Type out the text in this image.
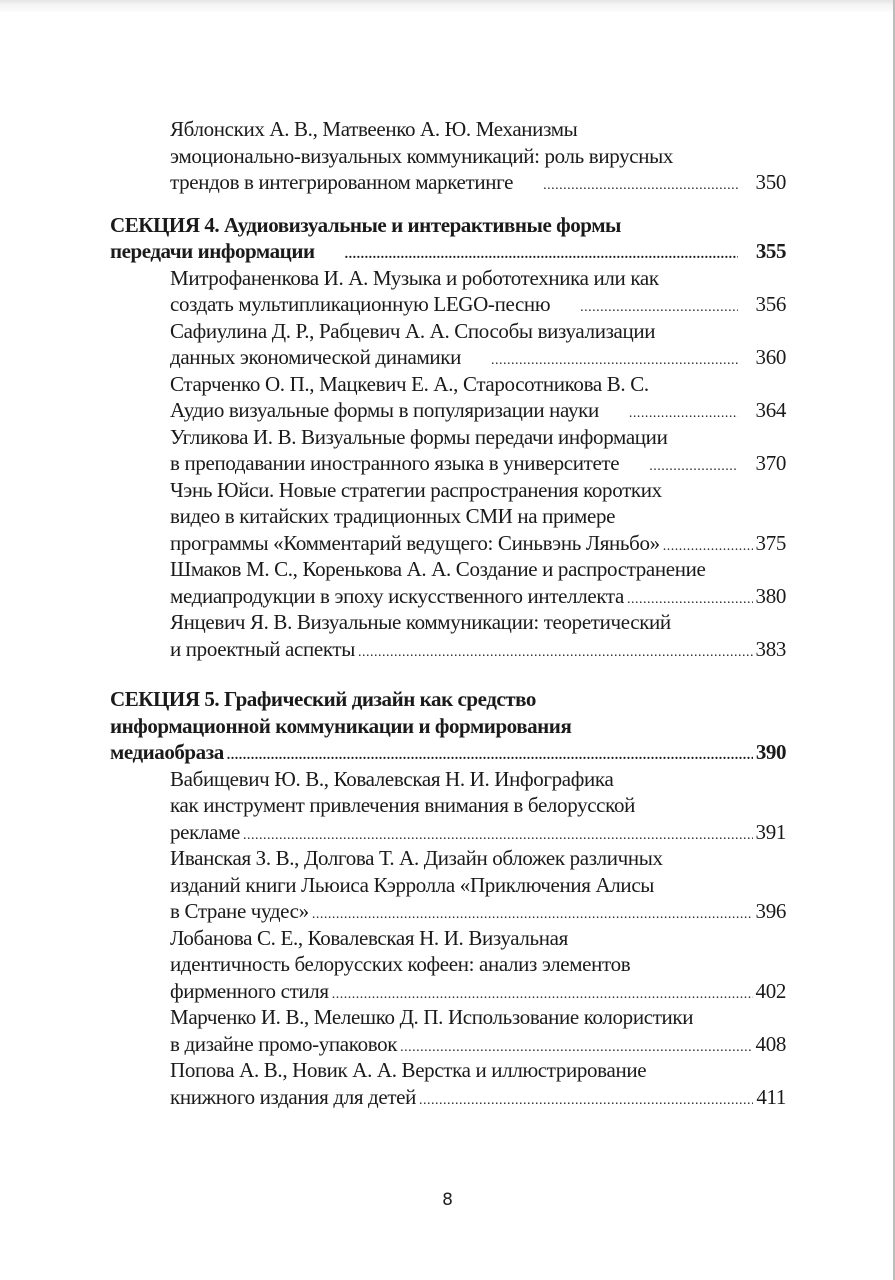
Яблонских А. В., Матвеенко А. Ю. Механизмы
эмоционально-визуальных коммуникаций: роль вирусных
трендов в интегрированном маркетинге .....	350
СЕКЦИЯ 4. Аудиовизуальные и интерактивные формы
передачи информации .....	355
Митрофаненкова И. А. Музыка и робототехника или как
создать мультипликационную LEGO-песню .....	356
Сафиулина Д. Р., Рабцевич А. А. Способы визуализации
данных экономической динамики .....	360
Старченко О. П., Мацкевич Е. А., Старосотникова В. С.
Аудио визуальные формы в популяризации науки .....	364
Угликова И. В. Визуальные формы передачи информации
в преподавании иностранного языка в университете .....	370
Чэнь Юйси. Новые стратегии распространения коротких
видео в китайских традиционных СМИ на примере
программы «Комментарий ведущего: Синьвэнь Ляньбо» .....	375
Шмаков М. С., Коренькова А. А. Создание и распространение
медиапродукции в эпоху искусственного интеллекта .....	380
Янцевич Я. В. Визуальные коммуникации: теоретический
и проектный аспекты .....	383
СЕКЦИЯ 5. Графический дизайн как средство
информационной коммуникации и формирования
медиаобраза .....	390
Вабищевич Ю. В., Ковалевская Н. И. Инфографика
как инструмент привлечения внимания в белорусской
рекламе .....	391
Иванская З. В., Долгова Т. А. Дизайн обложек различных
изданий книги Льюиса Кэрролла «Приключения Алисы
в Стране чудес» .....	396
Лобанова С. Е., Ковалевская Н. И. Визуальная
идентичность белорусских кофеен: анализ элементов
фирменного стиля .....	402
Марченко И. В., Мелешко Д. П. Использование колористики
в дизайне промо-упаковок .....	408
Попова А. В., Новик А. А. Верстка и иллюстрирование
книжного издания для детей .....	411
8
